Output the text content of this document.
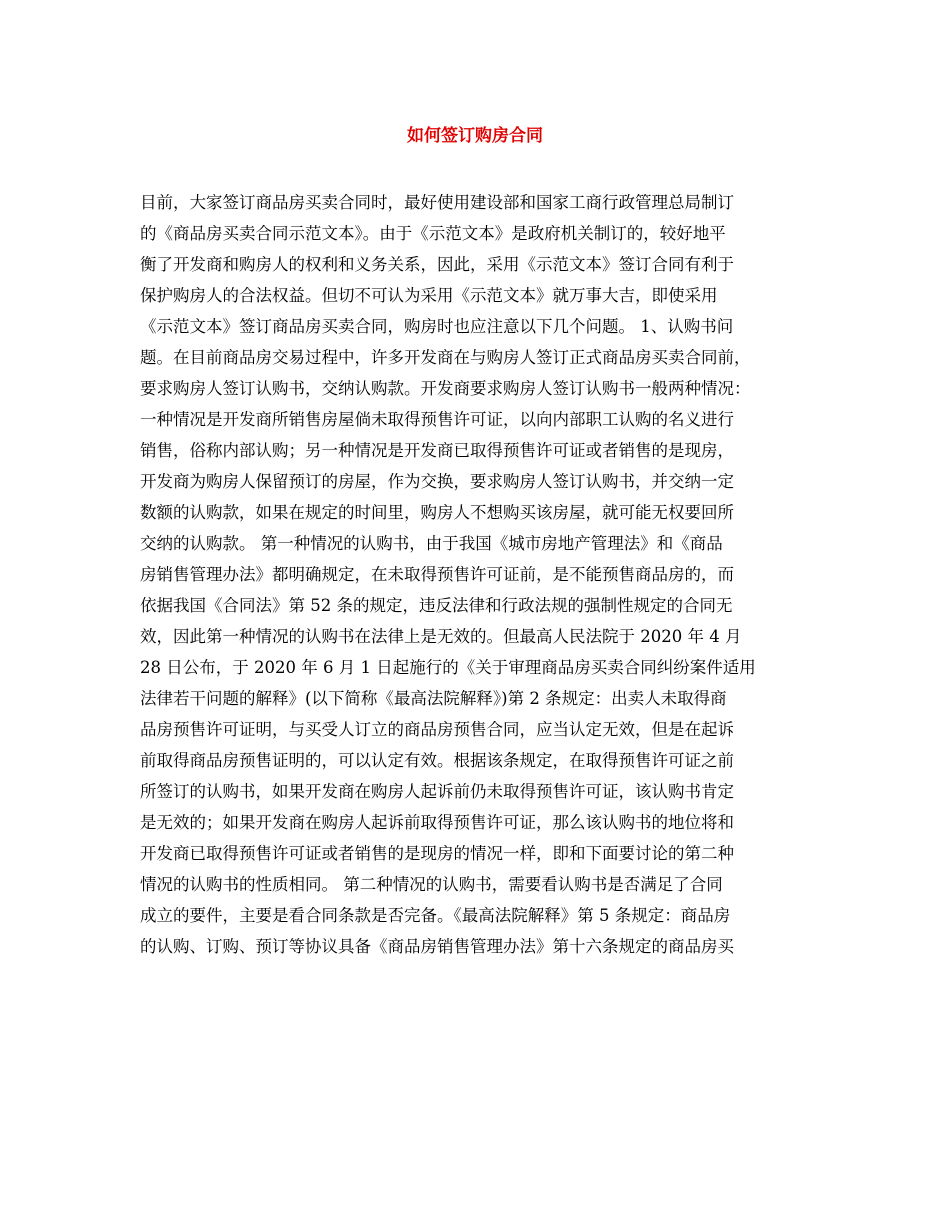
如何签订购房合同
目前，大家签订商品房买卖合同时，最好使用建设部和国家工商行政管理总局制订
的《商品房买卖合同示范文本》。由于《示范文本》是政府机关制订的，较好地平
衡了开发商和购房人的权利和义务关系，因此，采用《示范文本》签订合同有利于
保护购房人的合法权益。但切不可认为采用《示范文本》就万事大吉，即使采用
《示范文本》签订商品房买卖合同，购房时也应注意以下几个问题。 1、认购书问
题。在目前商品房交易过程中，许多开发商在与购房人签订正式商品房买卖合同前，
要求购房人签订认购书，交纳认购款。开发商要求购房人签订认购书一般两种情况：
一种情况是开发商所销售房屋倘未取得预售许可证，以向内部职工认购的名义进行
销售，俗称内部认购；另一种情况是开发商已取得预售许可证或者销售的是现房，
开发商为购房人保留预订的房屋，作为交换，要求购房人签订认购书，并交纳一定
数额的认购款，如果在规定的时间里，购房人不想购买该房屋，就可能无权要回所
交纳的认购款。 第一种情况的认购书，由于我国《城市房地产管理法》和《商品
房销售管理办法》都明确规定，在未取得预售许可证前，是不能预售商品房的，而
依据我国《合同法》第 52 条的规定，违反法律和行政法规的强制性规定的合同无
效，因此第一种情况的认购书在法律上是无效的。但最高人民法院于 2020 年 4 月
28 日公布，于 2020 年 6 月 1 日起施行的《关于审理商品房买卖合同纠纷案件适用
法律若干问题的解释》(以下简称《最高法院解释》)第 2 条规定：出卖人未取得商
品房预售许可证明，与买受人订立的商品房预售合同，应当认定无效，但是在起诉
前取得商品房预售证明的，可以认定有效。根据该条规定，在取得预售许可证之前
所签订的认购书，如果开发商在购房人起诉前仍未取得预售许可证，该认购书肯定
是无效的；如果开发商在购房人起诉前取得预售许可证，那么该认购书的地位将和
开发商已取得预售许可证或者销售的是现房的情况一样，即和下面要讨论的第二种
情况的认购书的性质相同。 第二种情况的认购书，需要看认购书是否满足了合同
成立的要件，主要是看合同条款是否完备。《最高法院解释》第 5 条规定：商品房
的认购、订购、预订等协议具备《商品房销售管理办法》第十六条规定的商品房买
